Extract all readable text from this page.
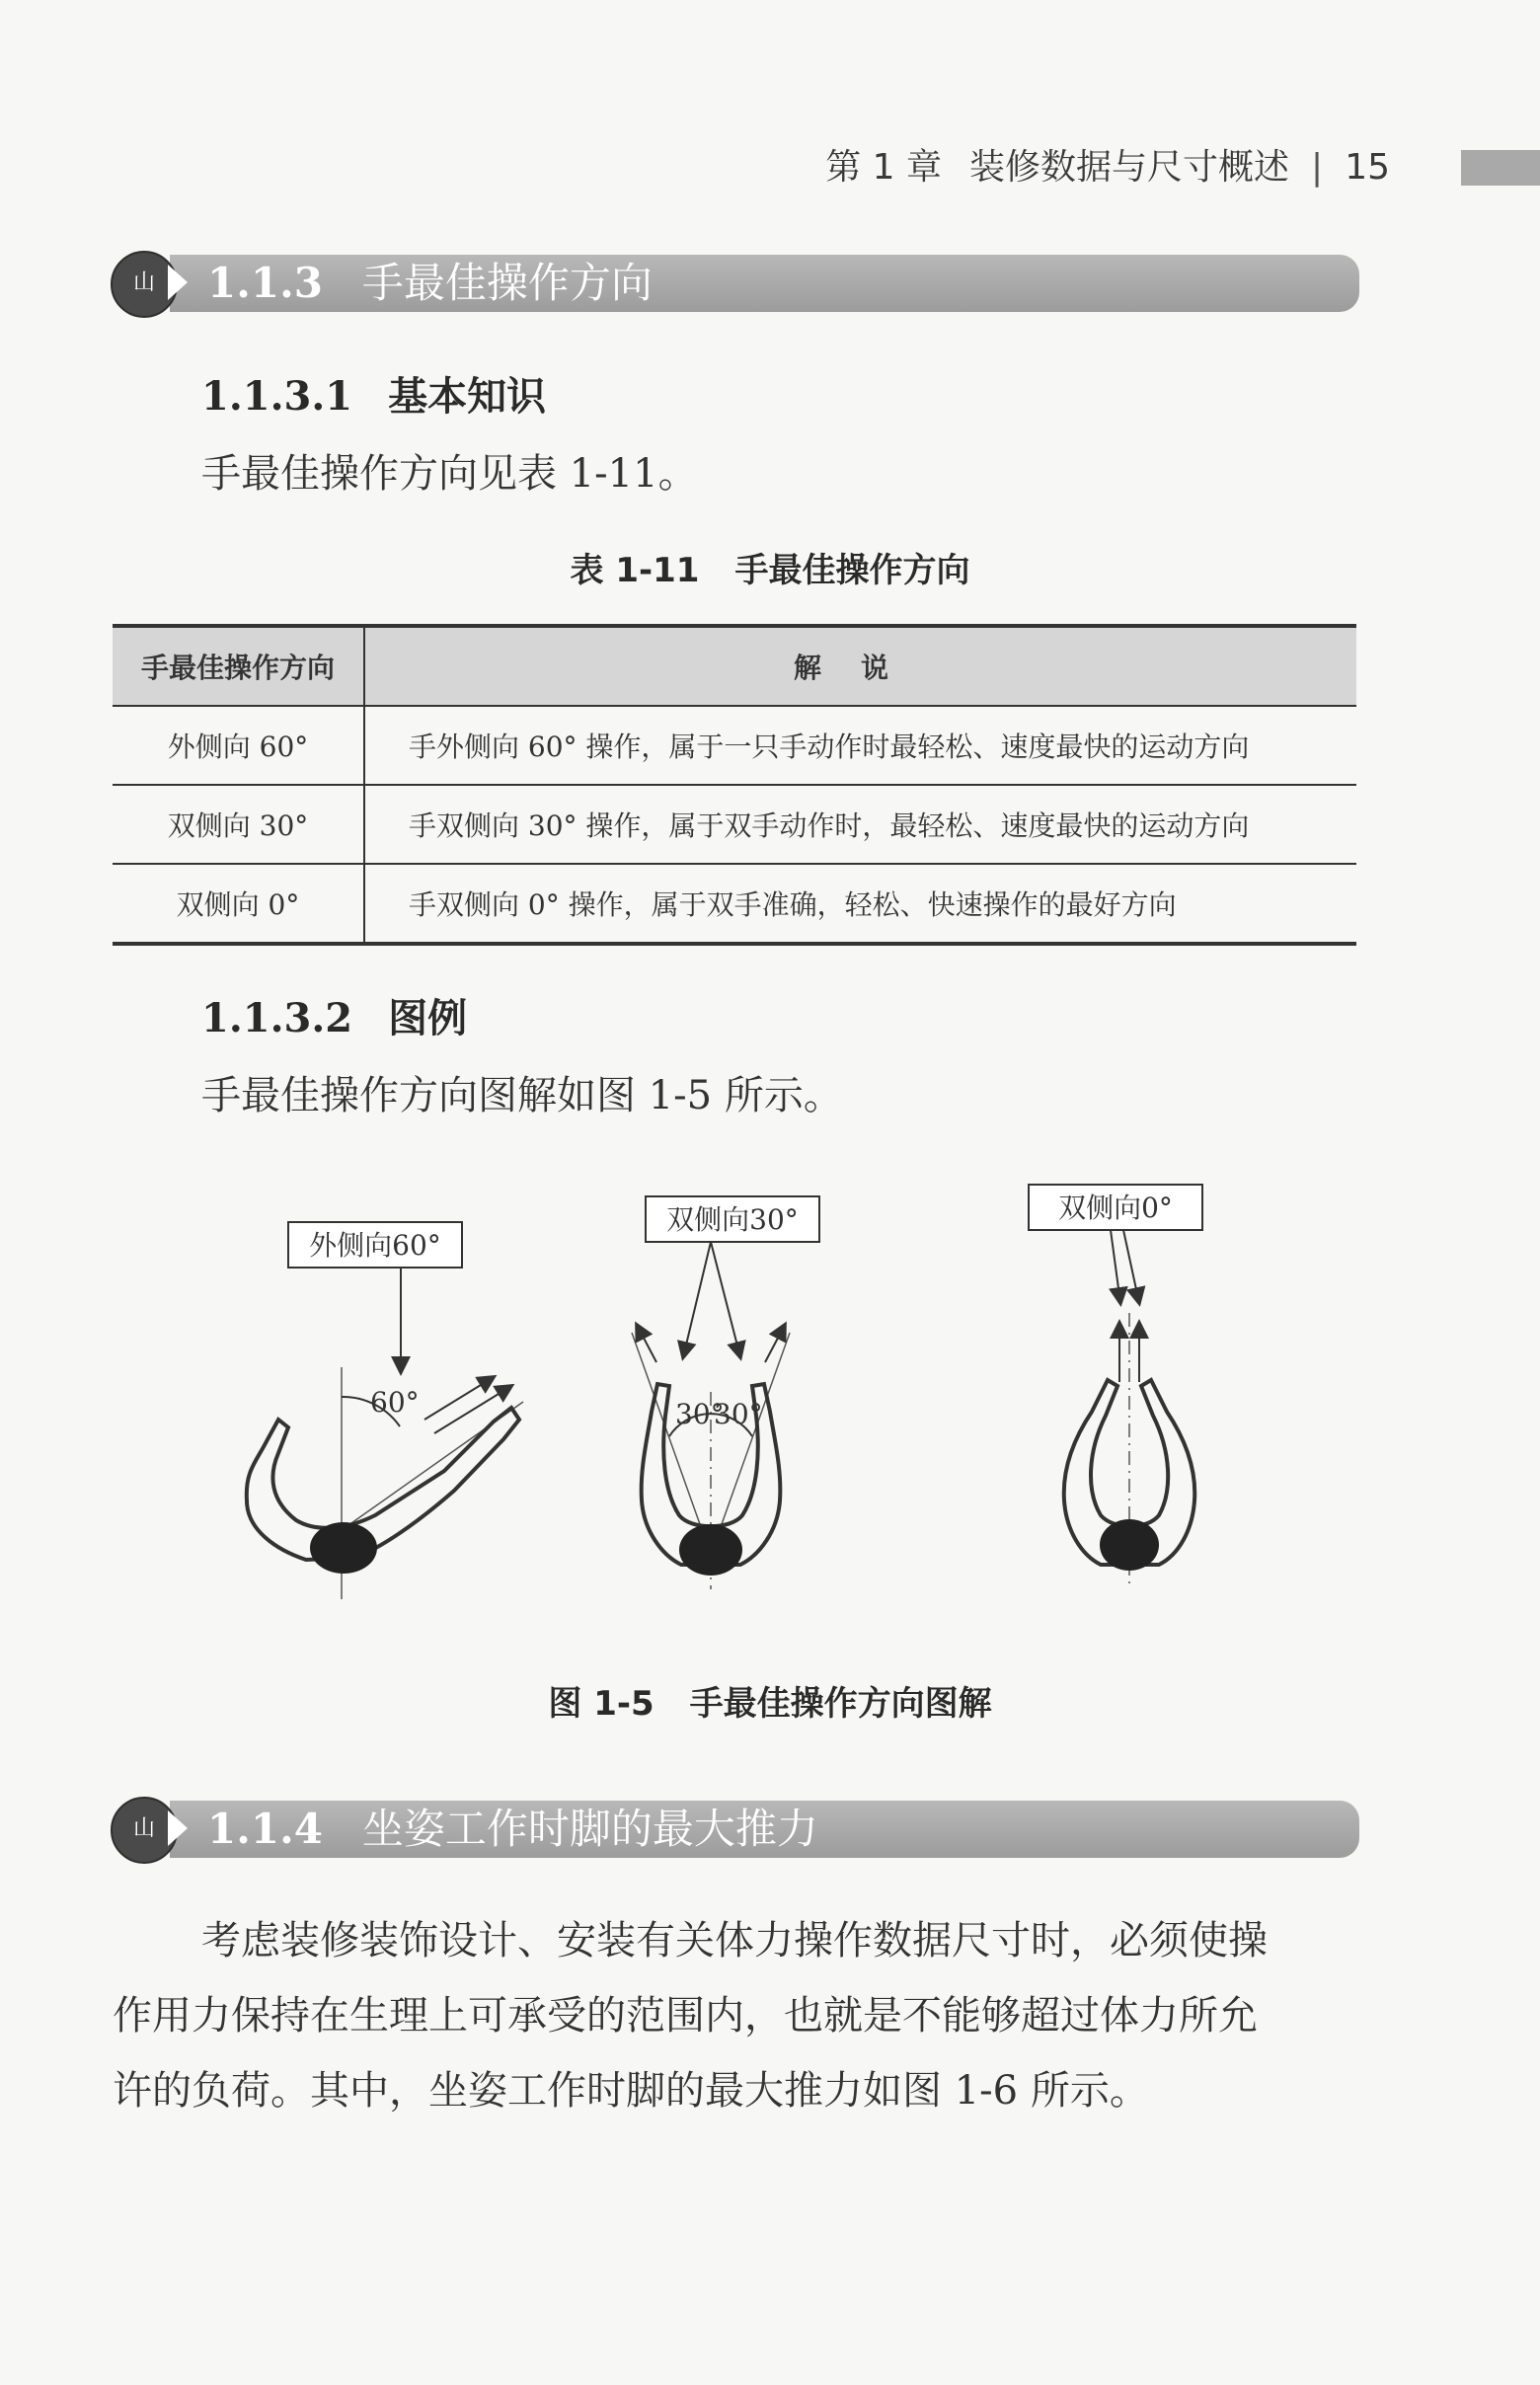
第 1 章 装修数据与尺寸概述 | 15
山	1.1.3 手最佳操作方向
1.1.3.1 基本知识
手最佳操作方向见表 1-11。
表 1-11 手最佳操作方向
手最佳操作方向	解说
外侧向 60°	手外侧向 60° 操作，属于一只手动作时最轻松、速度最快的运动方向
双侧向 30°	手双侧向 30° 操作，属于双手动作时，最轻松、速度最快的运动方向
双侧向 0°	手双侧向 0° 操作，属于双手准确，轻松、快速操作的最好方向
1.1.3.2 图例
手最佳操作方向图解如图 1-5 所示。
外侧向60°
60°
双侧向30°
30°
30°
双侧向0°
图 1-5 手最佳操作方向图解
山	1.1.4 坐姿工作时脚的最大推力
考虑装修装饰设计、安装有关体力操作数据尺寸时，必须使操
作用力保持在生理上可承受的范围内，也就是不能够超过体力所允
许的负荷。其中，坐姿工作时脚的最大推力如图 1-6 所示。
